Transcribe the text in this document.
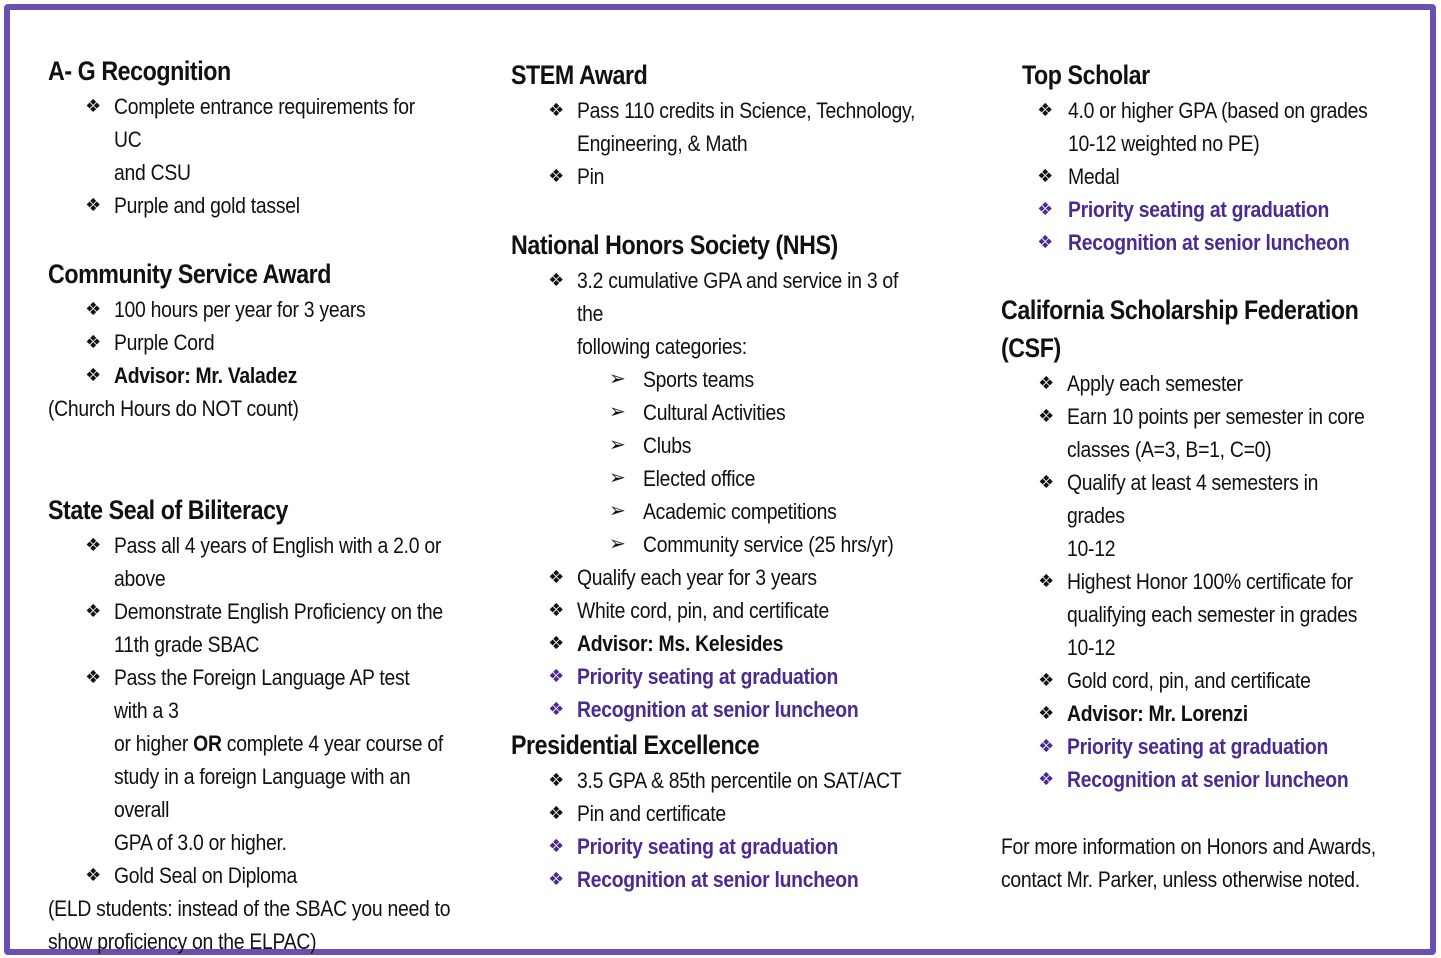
A- G Recognition
❖ Complete entrance requirements for UC
and CSU
❖ Purple and gold tassel
Community Service Award
❖ 100 hours per year for 3 years
❖ Purple Cord
❖ Advisor: Mr. Valadez
(Church Hours do NOT count)
State Seal of Biliteracy
❖ Pass all 4 years of English with a 2.0 or
above
❖ Demonstrate English Proficiency on the
11th grade SBAC
❖ Pass the Foreign Language AP test with a 3
or higher OR complete 4 year course of
study in a foreign Language with an overall
GPA of 3.0 or higher.
❖ Gold Seal on Diploma
(ELD students: instead of the SBAC you need to
show proficiency on the ELPAC)
STEM Award
❖ Pass 110 credits in Science, Technology,
Engineering, & Math
❖ Pin
National Honors Society (NHS)
❖ 3.2 cumulative GPA and service in 3 of the
following categories:
➢ Sports teams
➢ Cultural Activities
➢ Clubs
➢ Elected office
➢ Academic competitions
➢ Community service (25 hrs/yr)
❖ Qualify each year for 3 years
❖ White cord, pin, and certificate
❖ Advisor: Ms. Kelesides
❖ Priority seating at graduation
❖ Recognition at senior luncheon
Presidential Excellence
❖ 3.5 GPA & 85th percentile on SAT/ACT
❖ Pin and certificate
❖ Priority seating at graduation
❖ Recognition at senior luncheon
Top Scholar
❖ 4.0 or higher GPA (based on grades
10-12 weighted no PE)
❖ Medal
❖ Priority seating at graduation
❖ Recognition at senior luncheon
California Scholarship Federation
(CSF)
❖ Apply each semester
❖ Earn 10 points per semester in core
classes (A=3, B=1, C=0)
❖ Qualify at least 4 semesters in grades
10-12
❖ Highest Honor 100% certificate for
qualifying each semester in grades
10-12
❖ Gold cord, pin, and certificate
❖ Advisor: Mr. Lorenzi
❖ Priority seating at graduation
❖ Recognition at senior luncheon
For more information on Honors and Awards,
contact Mr. Parker, unless otherwise noted.
